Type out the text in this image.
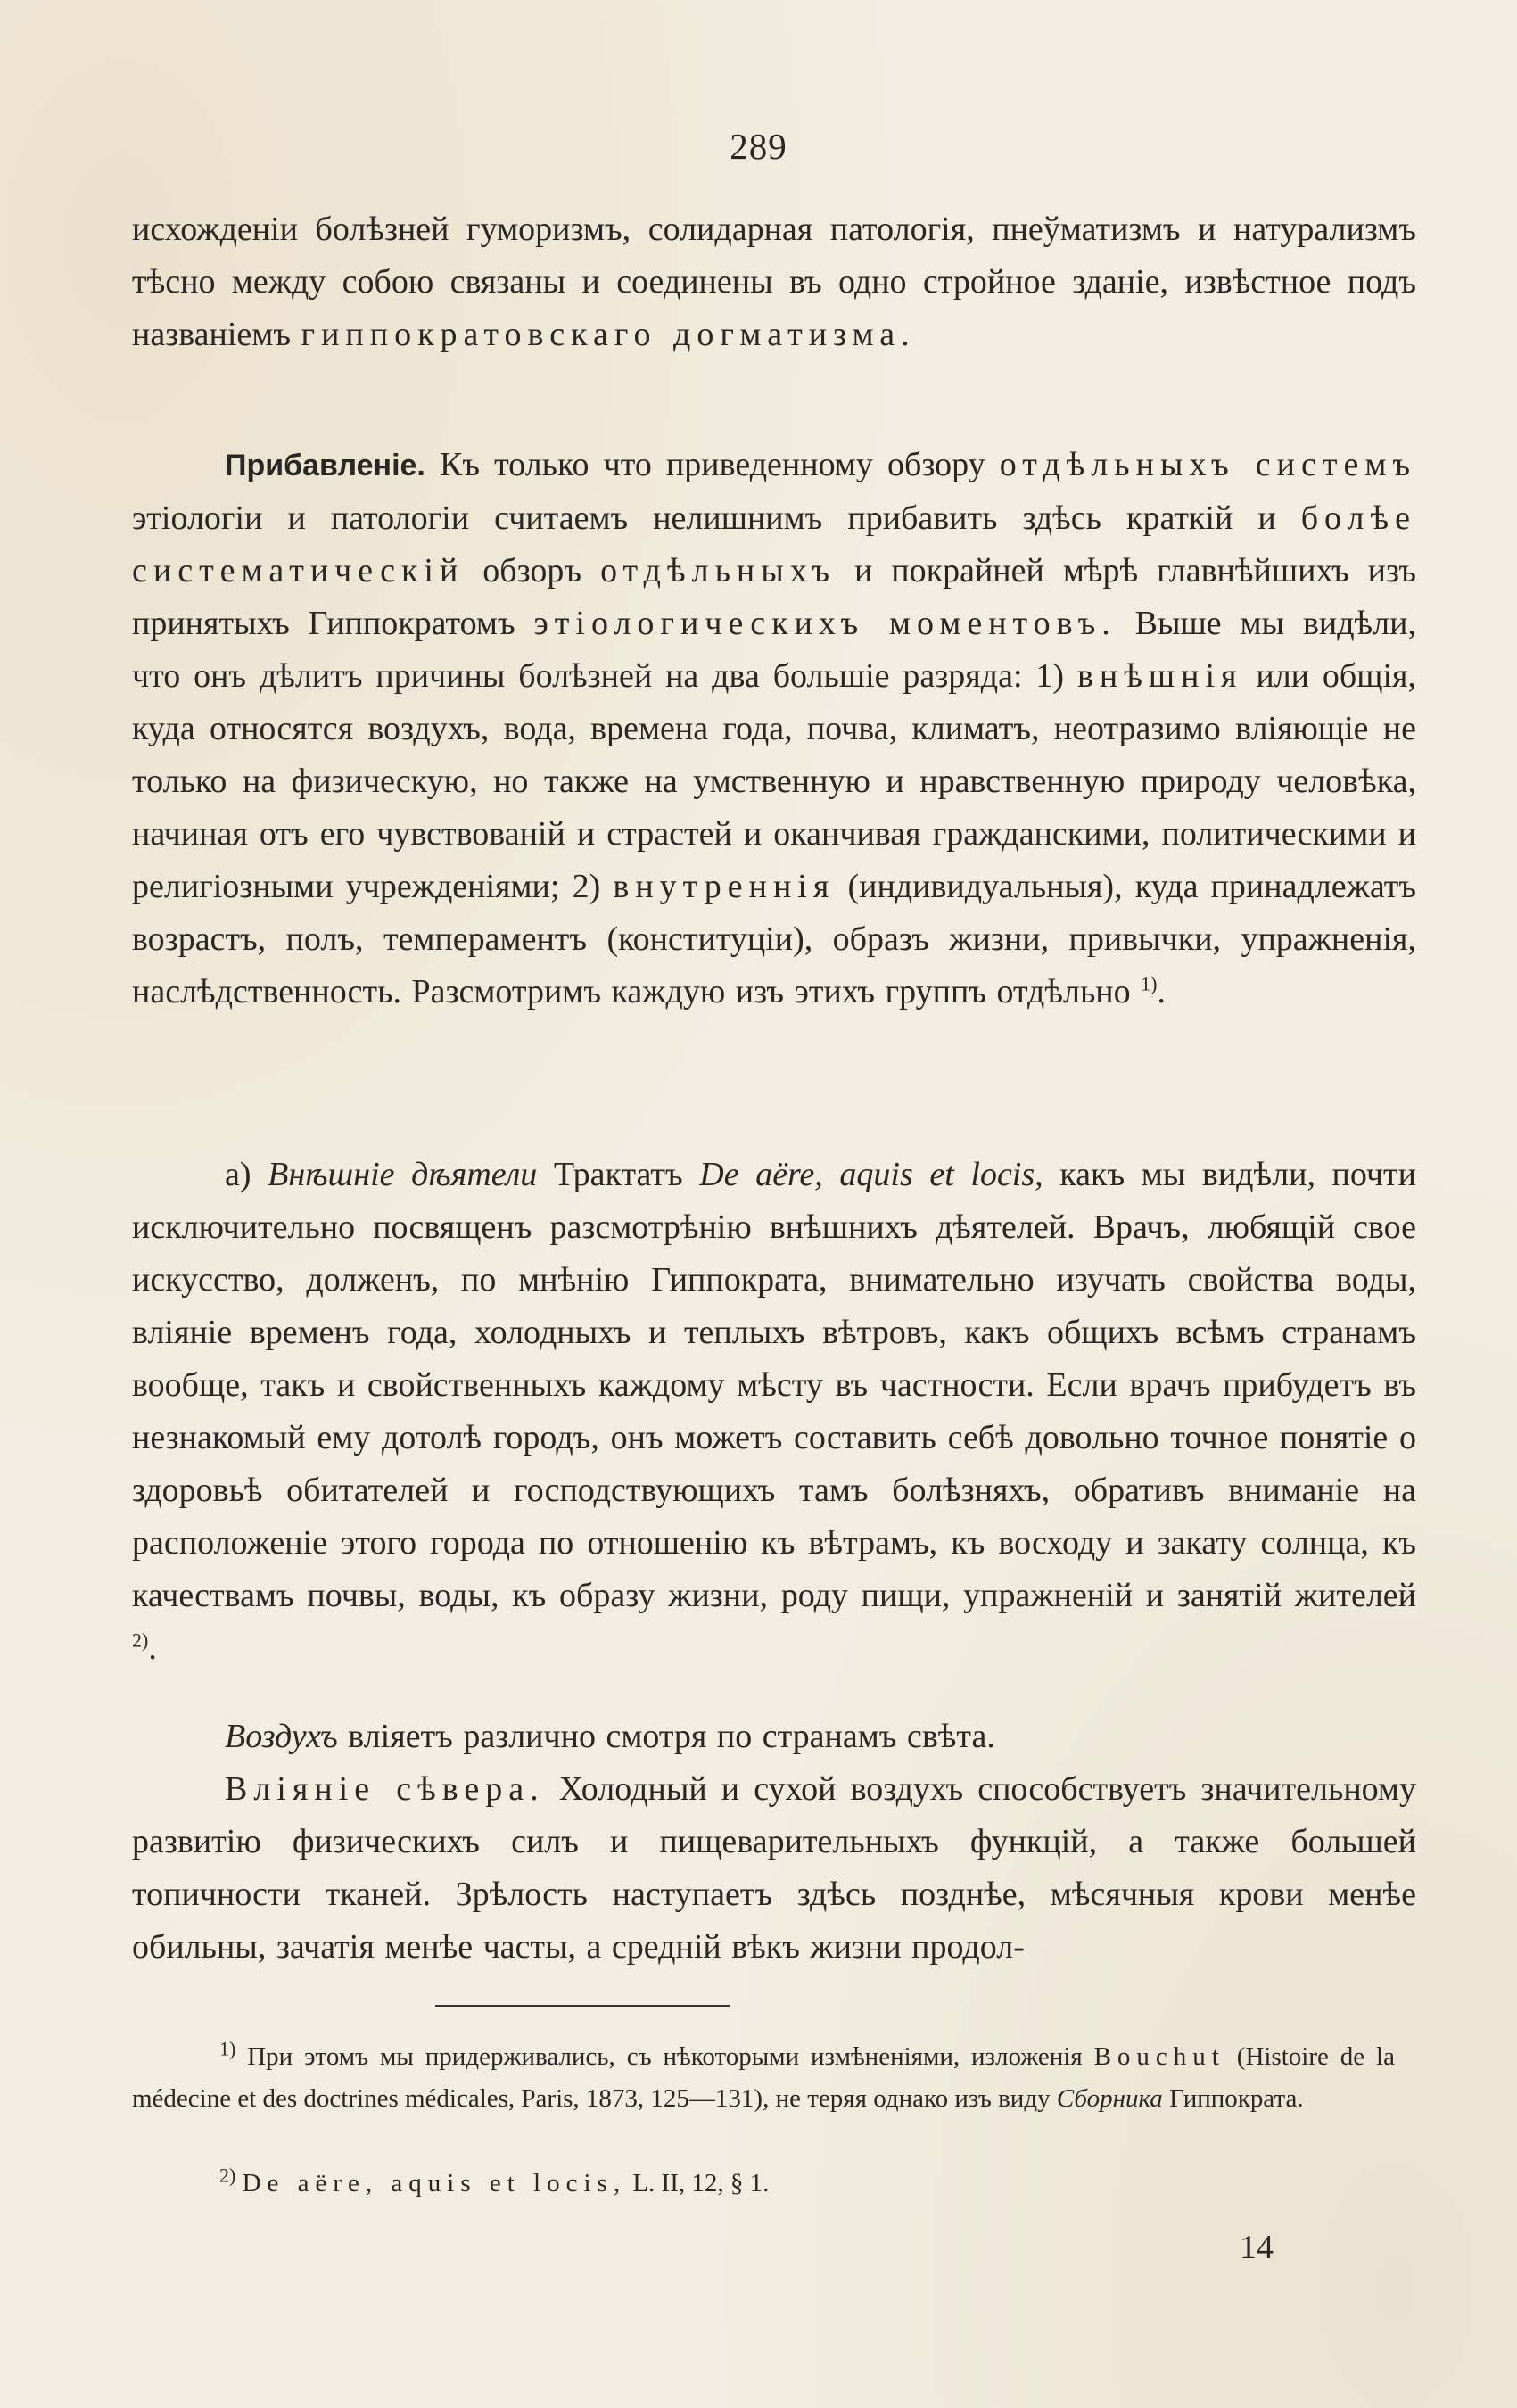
289
исхожденіи болѣзней гуморизмъ, солидарная патологія, пнеўматизмъ и натурализмъ тѣсно между собою связаны и соединены въ одно стройное зданіе, извѣстное подъ названіемъ гиппократовскаго догматизма.
Прибавленіе. Къ только что приведенному обзору отдѣльныхъ системъ этіологіи и патологіи считаемъ нелишнимъ прибавить здѣсь краткій и болѣе систематическій обзоръ отдѣльныхъ и покрайней мѣрѣ главнѣйшихъ изъ принятыхъ Гиппократомъ этіологическихъ моментовъ. Выше мы видѣли, что онъ дѣлитъ причины болѣзней на два большіе разряда: 1) внѣшнія или общія, куда относятся воздухъ, вода, времена года, почва, климатъ, неотразимо вліяющіе не только на физическую, но также на умственную и нравственную природу человѣка, начиная отъ его чувствованій и страстей и оканчивая гражданскими, политическими и религіозными учрежденіями; 2) внутреннія (индивидуальныя), куда принадлежатъ возрастъ, полъ, темпераментъ (конституціи), образъ жизни, привычки, упражненія, наслѣдственность. Разсмотримъ каждую изъ этихъ группъ отдѣльно $^{1)}$.
а) Внѣшніе дѣятели Трактатъ De aëre, aquis et locis, какъ мы видѣли, почти исключительно посвященъ разсмотрѣнію внѣшнихъ дѣятелей. Врачъ, любящій свое искусство, долженъ, по мнѣнію Гиппократа, внимательно изучать свойства воды, вліяніе временъ года, холодныхъ и теплыхъ вѣтровъ, какъ общихъ всѣмъ странамъ вообще, такъ и свойственныхъ каждому мѣсту въ частности. Если врачъ прибудетъ въ незнакомый ему дотолѣ городъ, онъ можетъ составить себѣ довольно точное понятіе о здоровьѣ обитателей и господствующихъ тамъ болѣзняхъ, обративъ вниманіе на расположеніе этого города по отношенію къ вѣтрамъ, къ восходу и закату солнца, къ качествамъ почвы, воды, къ образу жизни, роду пищи, упражненій и занятій жителей $^{2)}$.
Воздухъ вліяетъ различно смотря по странамъ свѣта.
Вліяніе сѣвера. Холодный и сухой воздухъ способствуетъ значительному развитію физическихъ силъ и пищеварительныхъ функцій, а также большей топичности тканей. Зрѣлость наступаетъ здѣсь позднѣе, мѣсячныя крови менѣе обильны, зачатія менѣе часты, а средній вѣкъ жизни продол-
$^{1)}$ При этомъ мы придерживались, съ нѣкоторыми измѣненіями, изложенія Bouchut (Histoire de la médecine et des doctrines médicales, Paris, 1873, 125—131), не теряя однако изъ виду Сборника Гиппократа.
$^{2)}$ De aëre, aquis et locis, L. II, 12, § 1.
14
